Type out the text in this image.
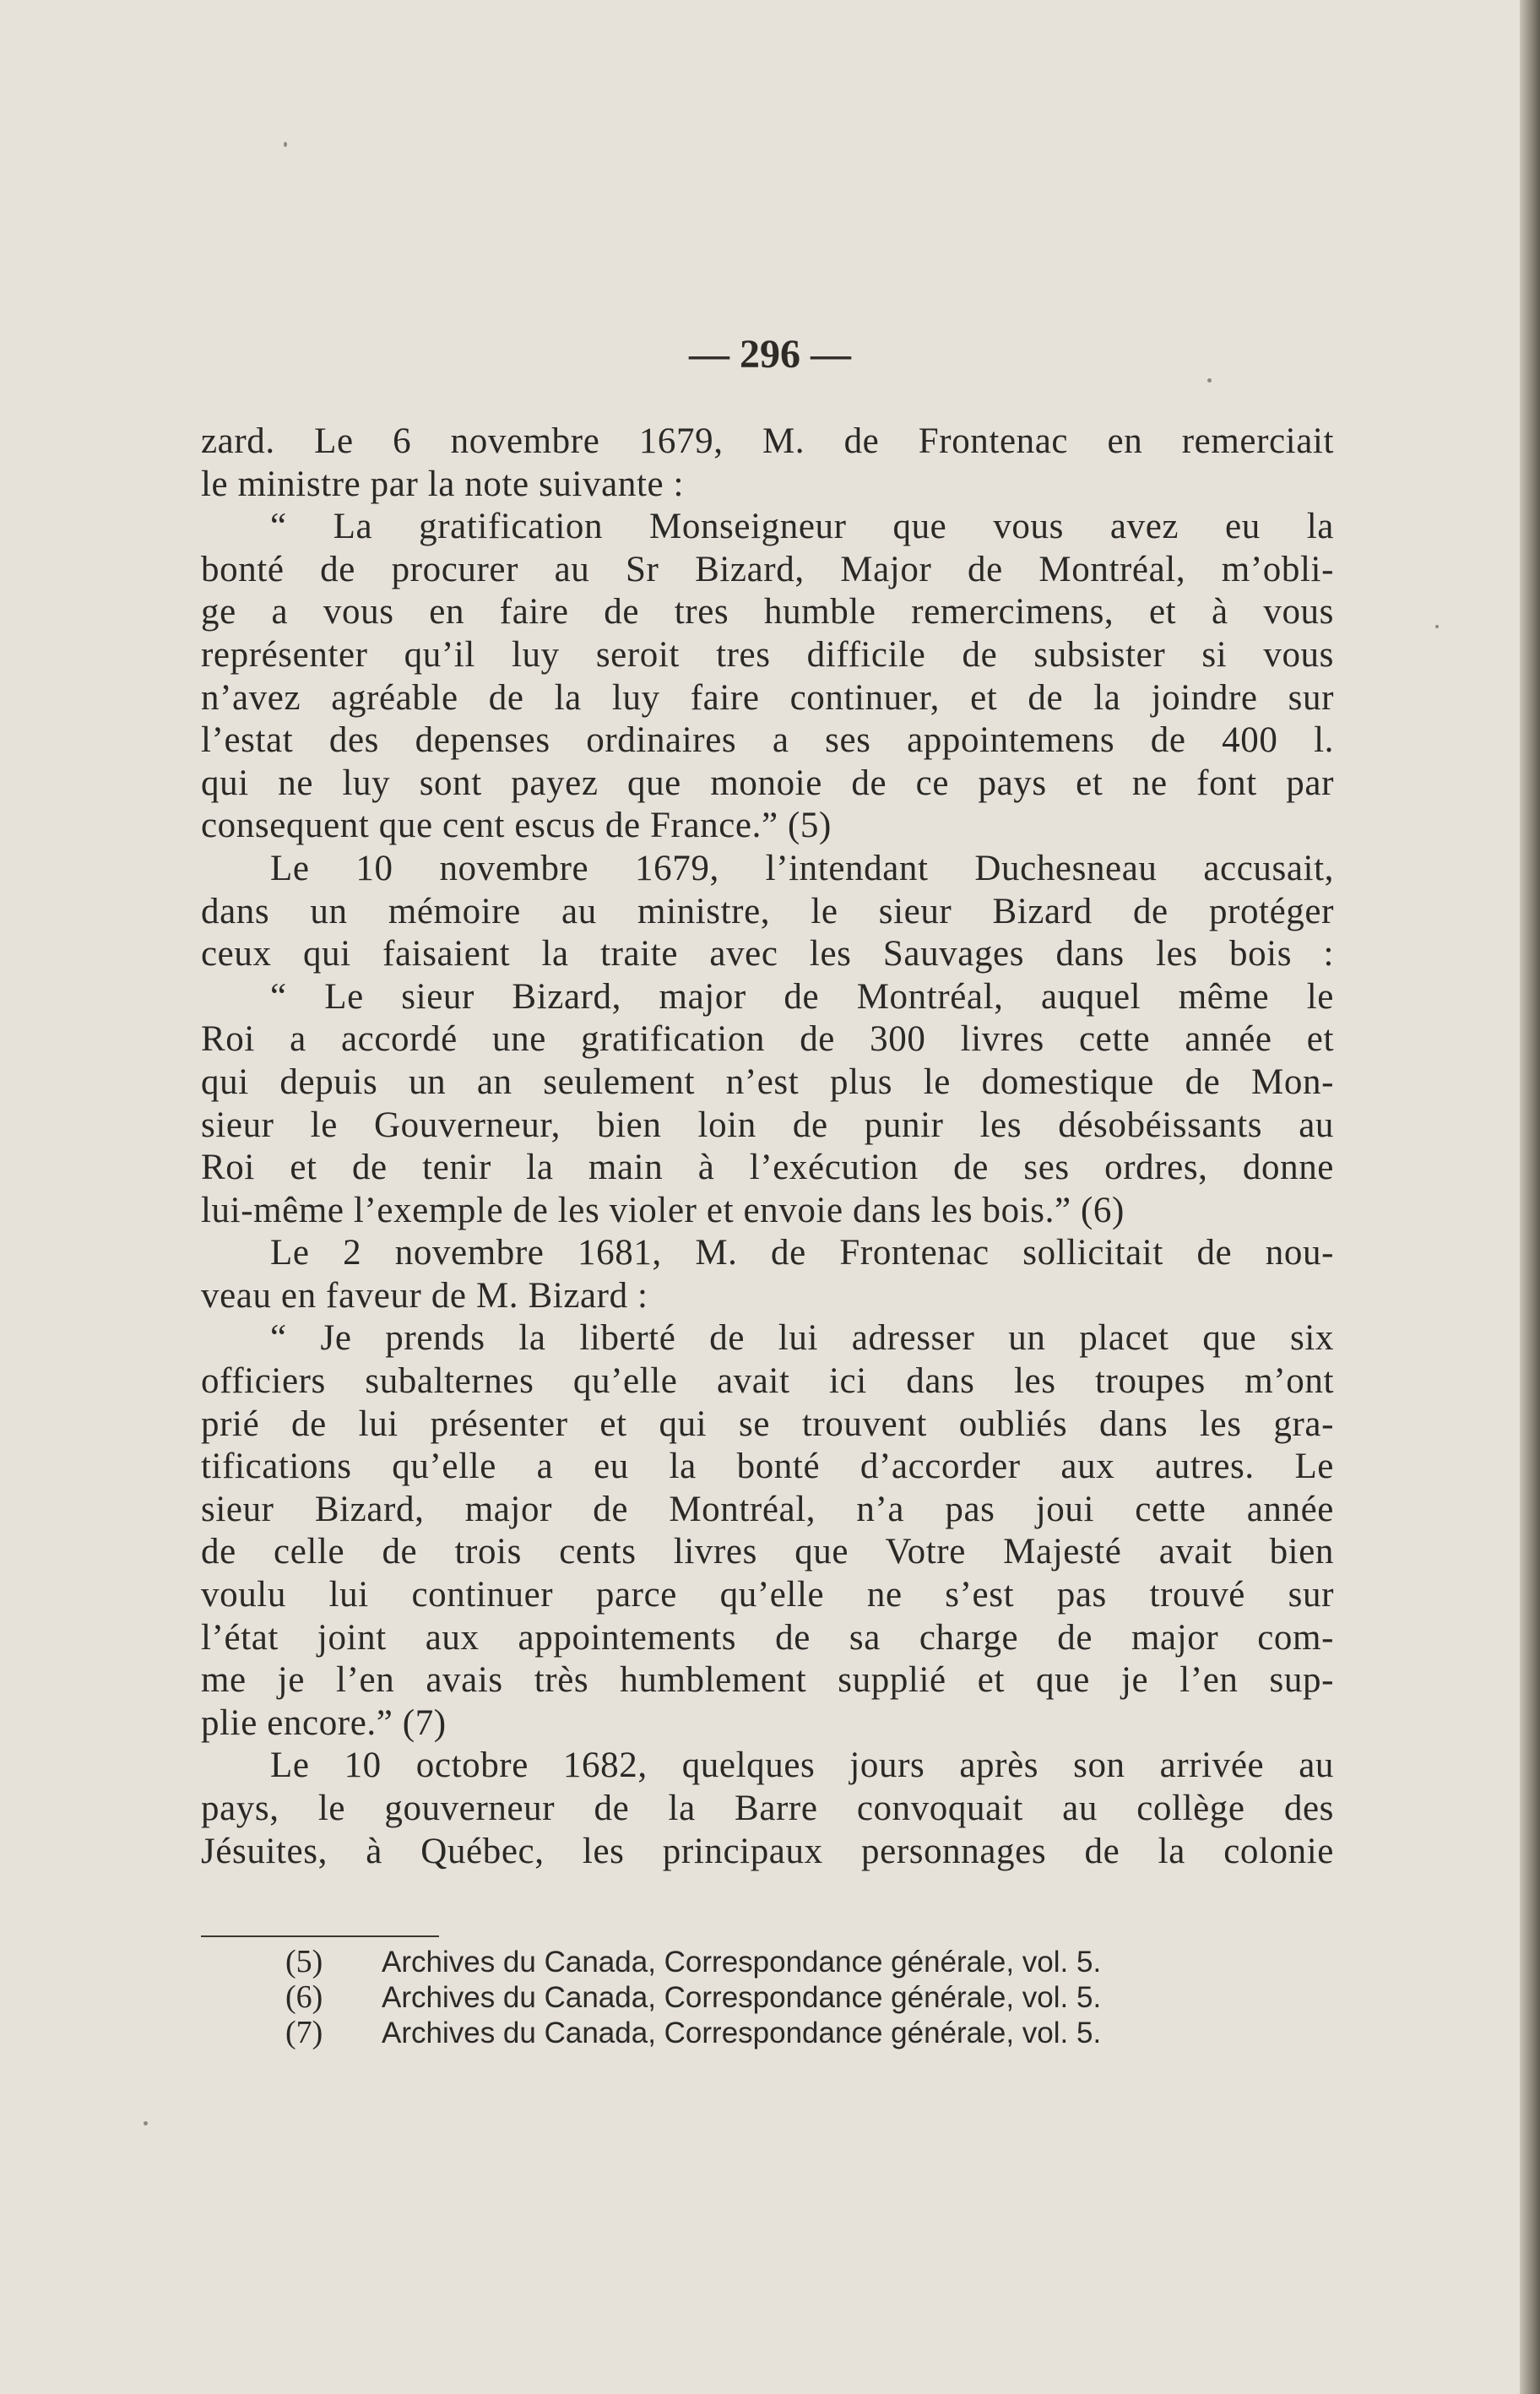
— 296 —
zard. Le 6 novembre 1679, M. de Frontenac en remerciait
le ministre par la note suivante :
“ La gratification Monseigneur que vous avez eu la
bonté de procurer au Sr Bizard, Major de Montréal, m’obli-
ge a vous en faire de tres humble remercimens, et à vous
représenter qu’il luy seroit tres difficile de subsister si vous
n’avez agréable de la luy faire continuer, et de la joindre sur
l’estat des depenses ordinaires a ses appointemens de 400 l.
qui ne luy sont payez que monoie de ce pays et ne font par
consequent que cent escus de France.” (5)
Le 10 novembre 1679, l’intendant Duchesneau accusait,
dans un mémoire au ministre, le sieur Bizard de protéger
ceux qui faisaient la traite avec les Sauvages dans les bois :
“ Le sieur Bizard, major de Montréal, auquel même le
Roi a accordé une gratification de 300 livres cette année et
qui depuis un an seulement n’est plus le domestique de Mon-
sieur le Gouverneur, bien loin de punir les désobéissants au
Roi et de tenir la main à l’exécution de ses ordres, donne
lui-même l’exemple de les violer et envoie dans les bois.” (6)
Le 2 novembre 1681, M. de Frontenac sollicitait de nou-
veau en faveur de M. Bizard :
“ Je prends la liberté de lui adresser un placet que six
officiers subalternes qu’elle avait ici dans les troupes m’ont
prié de lui présenter et qui se trouvent oubliés dans les gra-
tifications qu’elle a eu la bonté d’accorder aux autres. Le
sieur Bizard, major de Montréal, n’a pas joui cette année
de celle de trois cents livres que Votre Majesté avait bien
voulu lui continuer parce qu’elle ne s’est pas trouvé sur
l’état joint aux appointements de sa charge de major com-
me je l’en avais très humblement supplié et que je l’en sup-
plie encore.” (7)
Le 10 octobre 1682, quelques jours après son arrivée au
pays, le gouverneur de la Barre convoquait au collège des
Jésuites, à Québec, les principaux personnages de la colonie
(5) Archives du Canada, Correspondance générale, vol. 5.
(6) Archives du Canada, Correspondance générale, vol. 5.
(7) Archives du Canada, Correspondance générale, vol. 5.
